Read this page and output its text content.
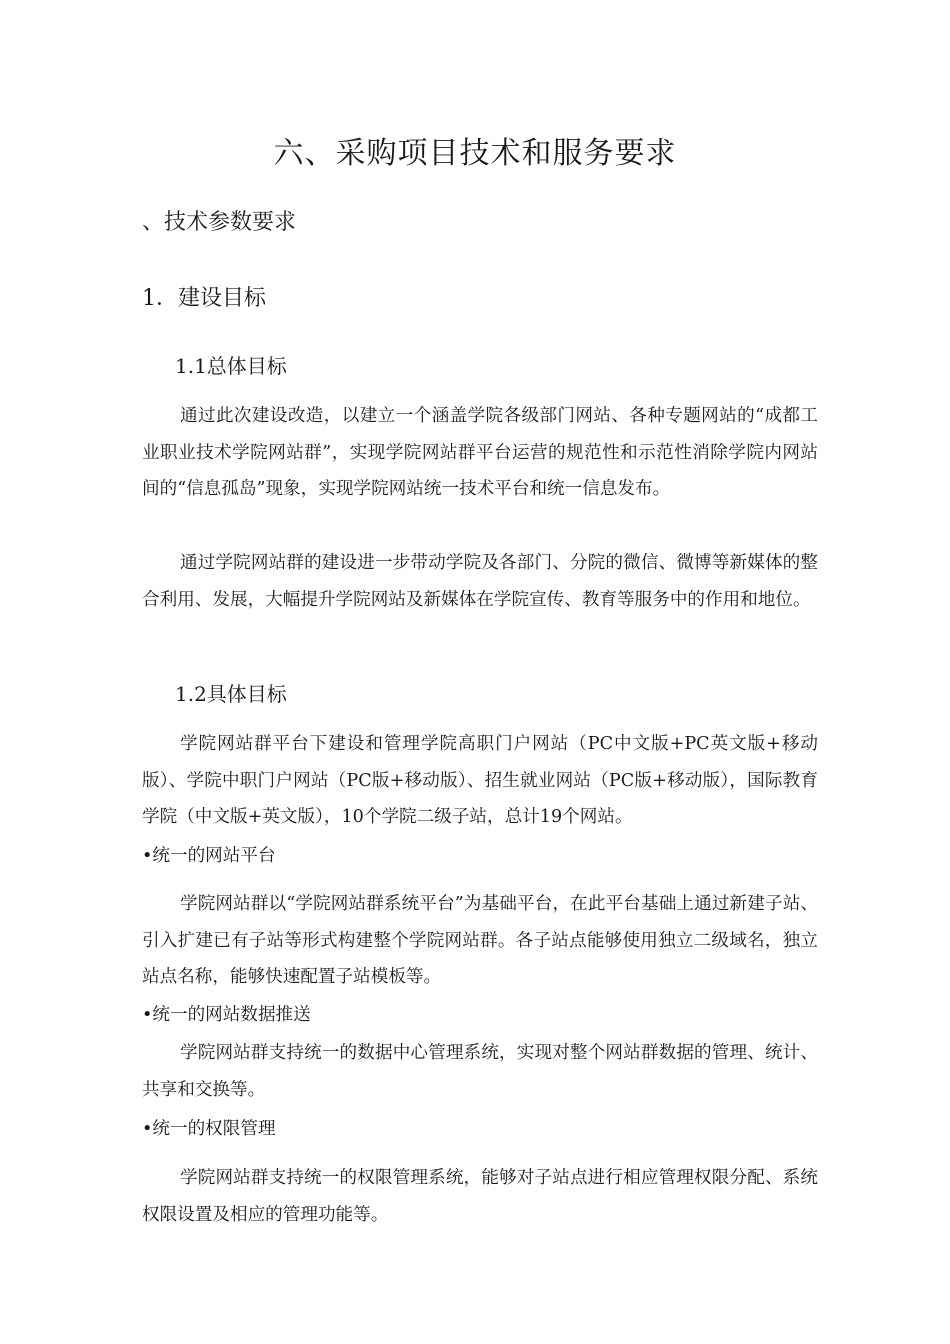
六、采购项目技术和服务要求
、技术参数要求
1．建设目标
1.1总体目标
通过此次建设改造，以建立一个涵盖学院各级部门网站、各种专题网站的“成都工业职业技术学院网站群”，实现学院网站群平台运营的规范性和示范性消除学院内网站间的“信息孤岛”现象，实现学院网站统一技术平台和统一信息发布。
通过学院网站群的建设进一步带动学院及各部门、分院的微信、微博等新媒体的整合利用、发展，大幅提升学院网站及新媒体在学院宣传、教育等服务中的作用和地位。
1.2具体目标
学院网站群平台下建设和管理学院高职门户网站（PC中文版+PC英文版+移动版）、学院中职门户网站（PC版+移动版）、招生就业网站（PC版+移动版），国际教育学院（中文版+英文版），10个学院二级子站，总计19个网站。
•统一的网站平台
学院网站群以“学院网站群系统平台”为基础平台，在此平台基础上通过新建子站、引入扩建已有子站等形式构建整个学院网站群。各子站点能够使用独立二级域名，独立站点名称，能够快速配置子站模板等。
•统一的网站数据推送
学院网站群支持统一的数据中心管理系统，实现对整个网站群数据的管理、统计、共享和交换等。
•统一的权限管理
学院网站群支持统一的权限管理系统，能够对子站点进行相应管理权限分配、系统权限设置及相应的管理功能等。
